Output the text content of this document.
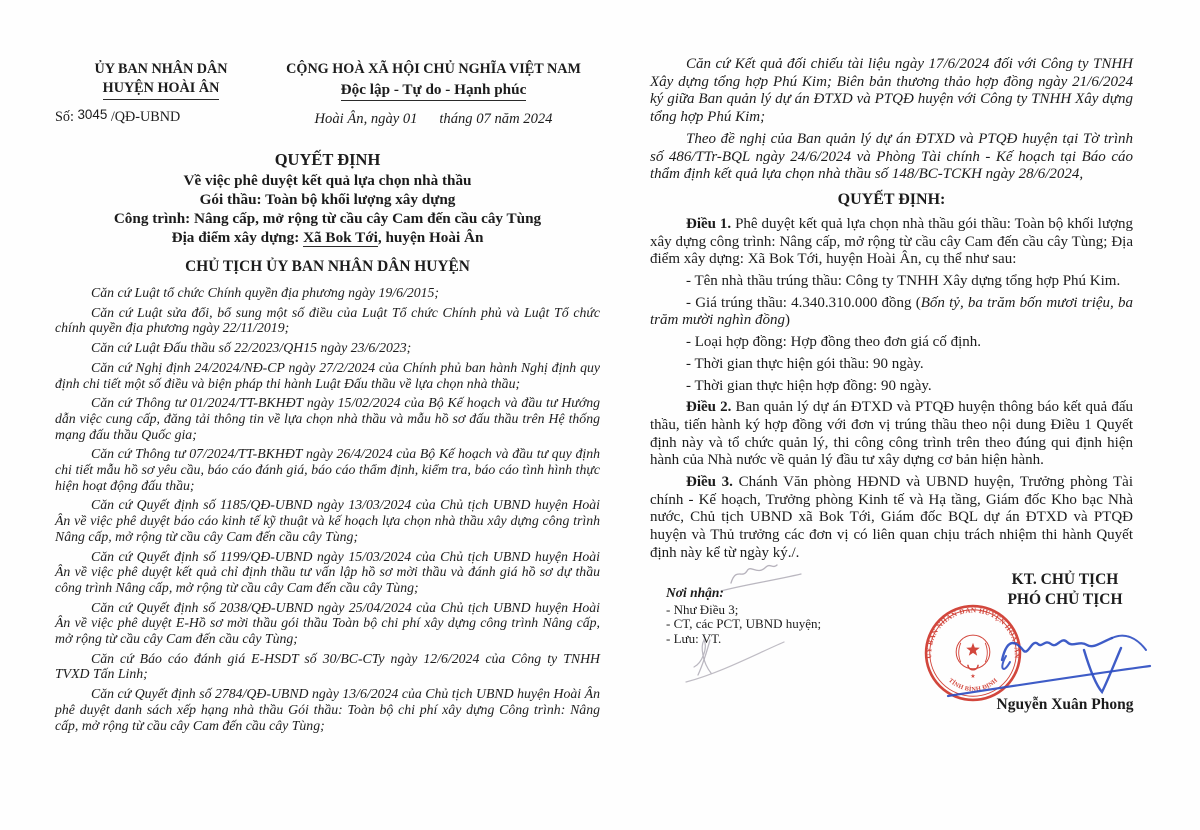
ỦY BAN NHÂN DÂN
HUYỆN HOÀI ÂN
Số: 3045 /QĐ-UBND
CỘNG HOÀ XÃ HỘI CHỦ NGHĨA VIỆT NAM
Độc lập - Tự do - Hạnh phúc
Hoài Ân, ngày 01      tháng 07 năm 2024
QUYẾT ĐỊNH
Về việc phê duyệt kết quả lựa chọn nhà thầu
Gói thầu: Toàn bộ khối lượng xây dựng
Công trình: Nâng cấp, mở rộng từ cầu cây Cam đến cầu cây Tùng
Địa điểm xây dựng: Xã Bok Tới, huyện Hoài Ân
CHỦ TỊCH ỦY BAN NHÂN DÂN HUYỆN

Căn cứ Luật tổ chức Chính quyền địa phương ngày 19/6/2015;

Căn cứ Luật sửa đổi, bổ sung một số điều của Luật Tổ chức Chính phủ và Luật Tổ chức chính quyền địa phương ngày 22/11/2019;

Căn cứ Luật Đấu thầu số 22/2023/QH15 ngày 23/6/2023;

Căn cứ Nghị định 24/2024/NĐ-CP ngày 27/2/2024 của Chính phủ ban hành Nghị định quy định chi tiết một số điều và biện pháp thi hành Luật Đấu thầu về lựa chọn nhà thầu;

Căn cứ Thông tư 01/2024/TT-BKHĐT ngày 15/02/2024 của Bộ Kế hoạch và đầu tư Hướng dẫn việc cung cấp, đăng tải thông tin về lựa chọn nhà thầu và mẫu hồ sơ đấu thầu trên Hệ thống mạng đấu thầu Quốc gia;

Căn cứ Thông tư 07/2024/TT-BKHĐT ngày 26/4/2024 của Bộ Kế hoạch và đầu tư quy định chi tiết mẫu hồ sơ yêu cầu, báo cáo đánh giá, báo cáo thẩm định, kiểm tra, báo cáo tình hình thực hiện hoạt động đấu thầu;

Căn cứ Quyết định số 1185/QĐ-UBND ngày 13/03/2024 của Chủ tịch UBND huyện Hoài Ân về việc phê duyệt báo cáo kinh tế kỹ thuật và kế hoạch lựa chọn nhà thầu xây dựng công trình Nâng cấp, mở rộng từ cầu cây Cam đến cầu cây Tùng;

Căn cứ Quyết định số 1199/QĐ-UBND ngày 15/03/2024 của Chủ tịch UBND huyện Hoài Ân về việc phê duyệt kết quả chỉ định thầu tư vấn lập hồ sơ mời thầu và đánh giá hồ sơ dự thầu công trình Nâng cấp, mở rộng từ cầu cây Cam đến cầu cây Tùng;

Căn cứ Quyết định số 2038/QĐ-UBND ngày 25/04/2024 của Chủ tịch UBND huyện Hoài Ân về việc phê duyệt E-Hồ sơ mời thầu gói thầu Toàn bộ chi phí xây dựng công trình Nâng cấp, mở rộng từ cầu cây Cam đến cầu cây Tùng;

Căn cứ Báo cáo đánh giá E-HSDT số 30/BC-CTy ngày 12/6/2024 của Công ty TNHH TVXD Tấn Linh;

Căn cứ Quyết định số 2784/QĐ-UBND ngày 13/6/2024 của Chủ tịch UBND huyện Hoài Ân phê duyệt danh sách xếp hạng nhà thầu Gói thầu: Toàn bộ chi phí xây dựng Công trình: Nâng cấp, mở rộng từ cầu cây Cam đến cầu cây Tùng;

Căn cứ Kết quả đối chiếu tài liệu ngày 17/6/2024 đối với Công ty TNHH Xây dựng tổng hợp Phú Kim; Biên bản thương thảo hợp đồng ngày 21/6/2024 ký giữa Ban quản lý dự án ĐTXD và PTQĐ huyện với Công ty TNHH Xây dựng tổng hợp Phú Kim;

Theo đề nghị của Ban quản lý dự án ĐTXD và PTQĐ huyện tại Tờ trình số 486/TTr-BQL ngày 24/6/2024 và Phòng Tài chính - Kế hoạch tại Báo cáo thẩm định kết quả lựa chọn nhà thầu số 148/BC-TCKH ngày 28/6/2024,

QUYẾT ĐỊNH:

Điều 1. Phê duyệt kết quả lựa chọn nhà thầu gói thầu: Toàn bộ khối lượng xây dựng công trình: Nâng cấp, mở rộng từ cầu cây Cam đến cầu cây Tùng; Địa điểm xây dựng: Xã Bok Tới, huyện Hoài Ân, cụ thể như sau:

- Tên nhà thầu trúng thầu: Công ty TNHH Xây dựng tổng hợp Phú Kim.

- Giá trúng thầu: 4.340.310.000 đồng (Bốn tỷ, ba trăm bốn mươi triệu, ba trăm mười nghìn đồng)

- Loại hợp đồng: Hợp đồng theo đơn giá cố định.

- Thời gian thực hiện gói thầu: 90 ngày.

- Thời gian thực hiện hợp đồng: 90 ngày.

Điều 2. Ban quản lý dự án ĐTXD và PTQĐ huyện thông báo kết quả đấu thầu, tiến hành ký hợp đồng với đơn vị trúng thầu theo nội dung Điều 1 Quyết định này và tổ chức quản lý, thi công công trình trên theo đúng qui định hiện hành của Nhà nước về quản lý đầu tư xây dựng cơ bản hiện hành.

Điều 3. Chánh Văn phòng HĐND và UBND huyện, Trưởng phòng Tài chính - Kế hoạch, Trưởng phòng Kinh tế và Hạ tầng, Giám đốc Kho bạc Nhà nước, Chủ tịch UBND xã Bok Tới, Giám đốc BQL dự án ĐTXD và PTQĐ huyện và Thủ trưởng các đơn vị có liên quan chịu trách nhiệm thi hành Quyết định này kể từ ngày ký./.

Nơi nhận:
- Như Điều 3;
- CT, các PCT, UBND huyện;
- Lưu: VT.
KT. CHỦ TỊCH
PHÓ CHỦ TỊCH
ỦY BAN NHÂN DÂN HUYỆN HOÀI ÂN
TỈNH BÌNH ĐỊNH
★
Nguyễn Xuân Phong
